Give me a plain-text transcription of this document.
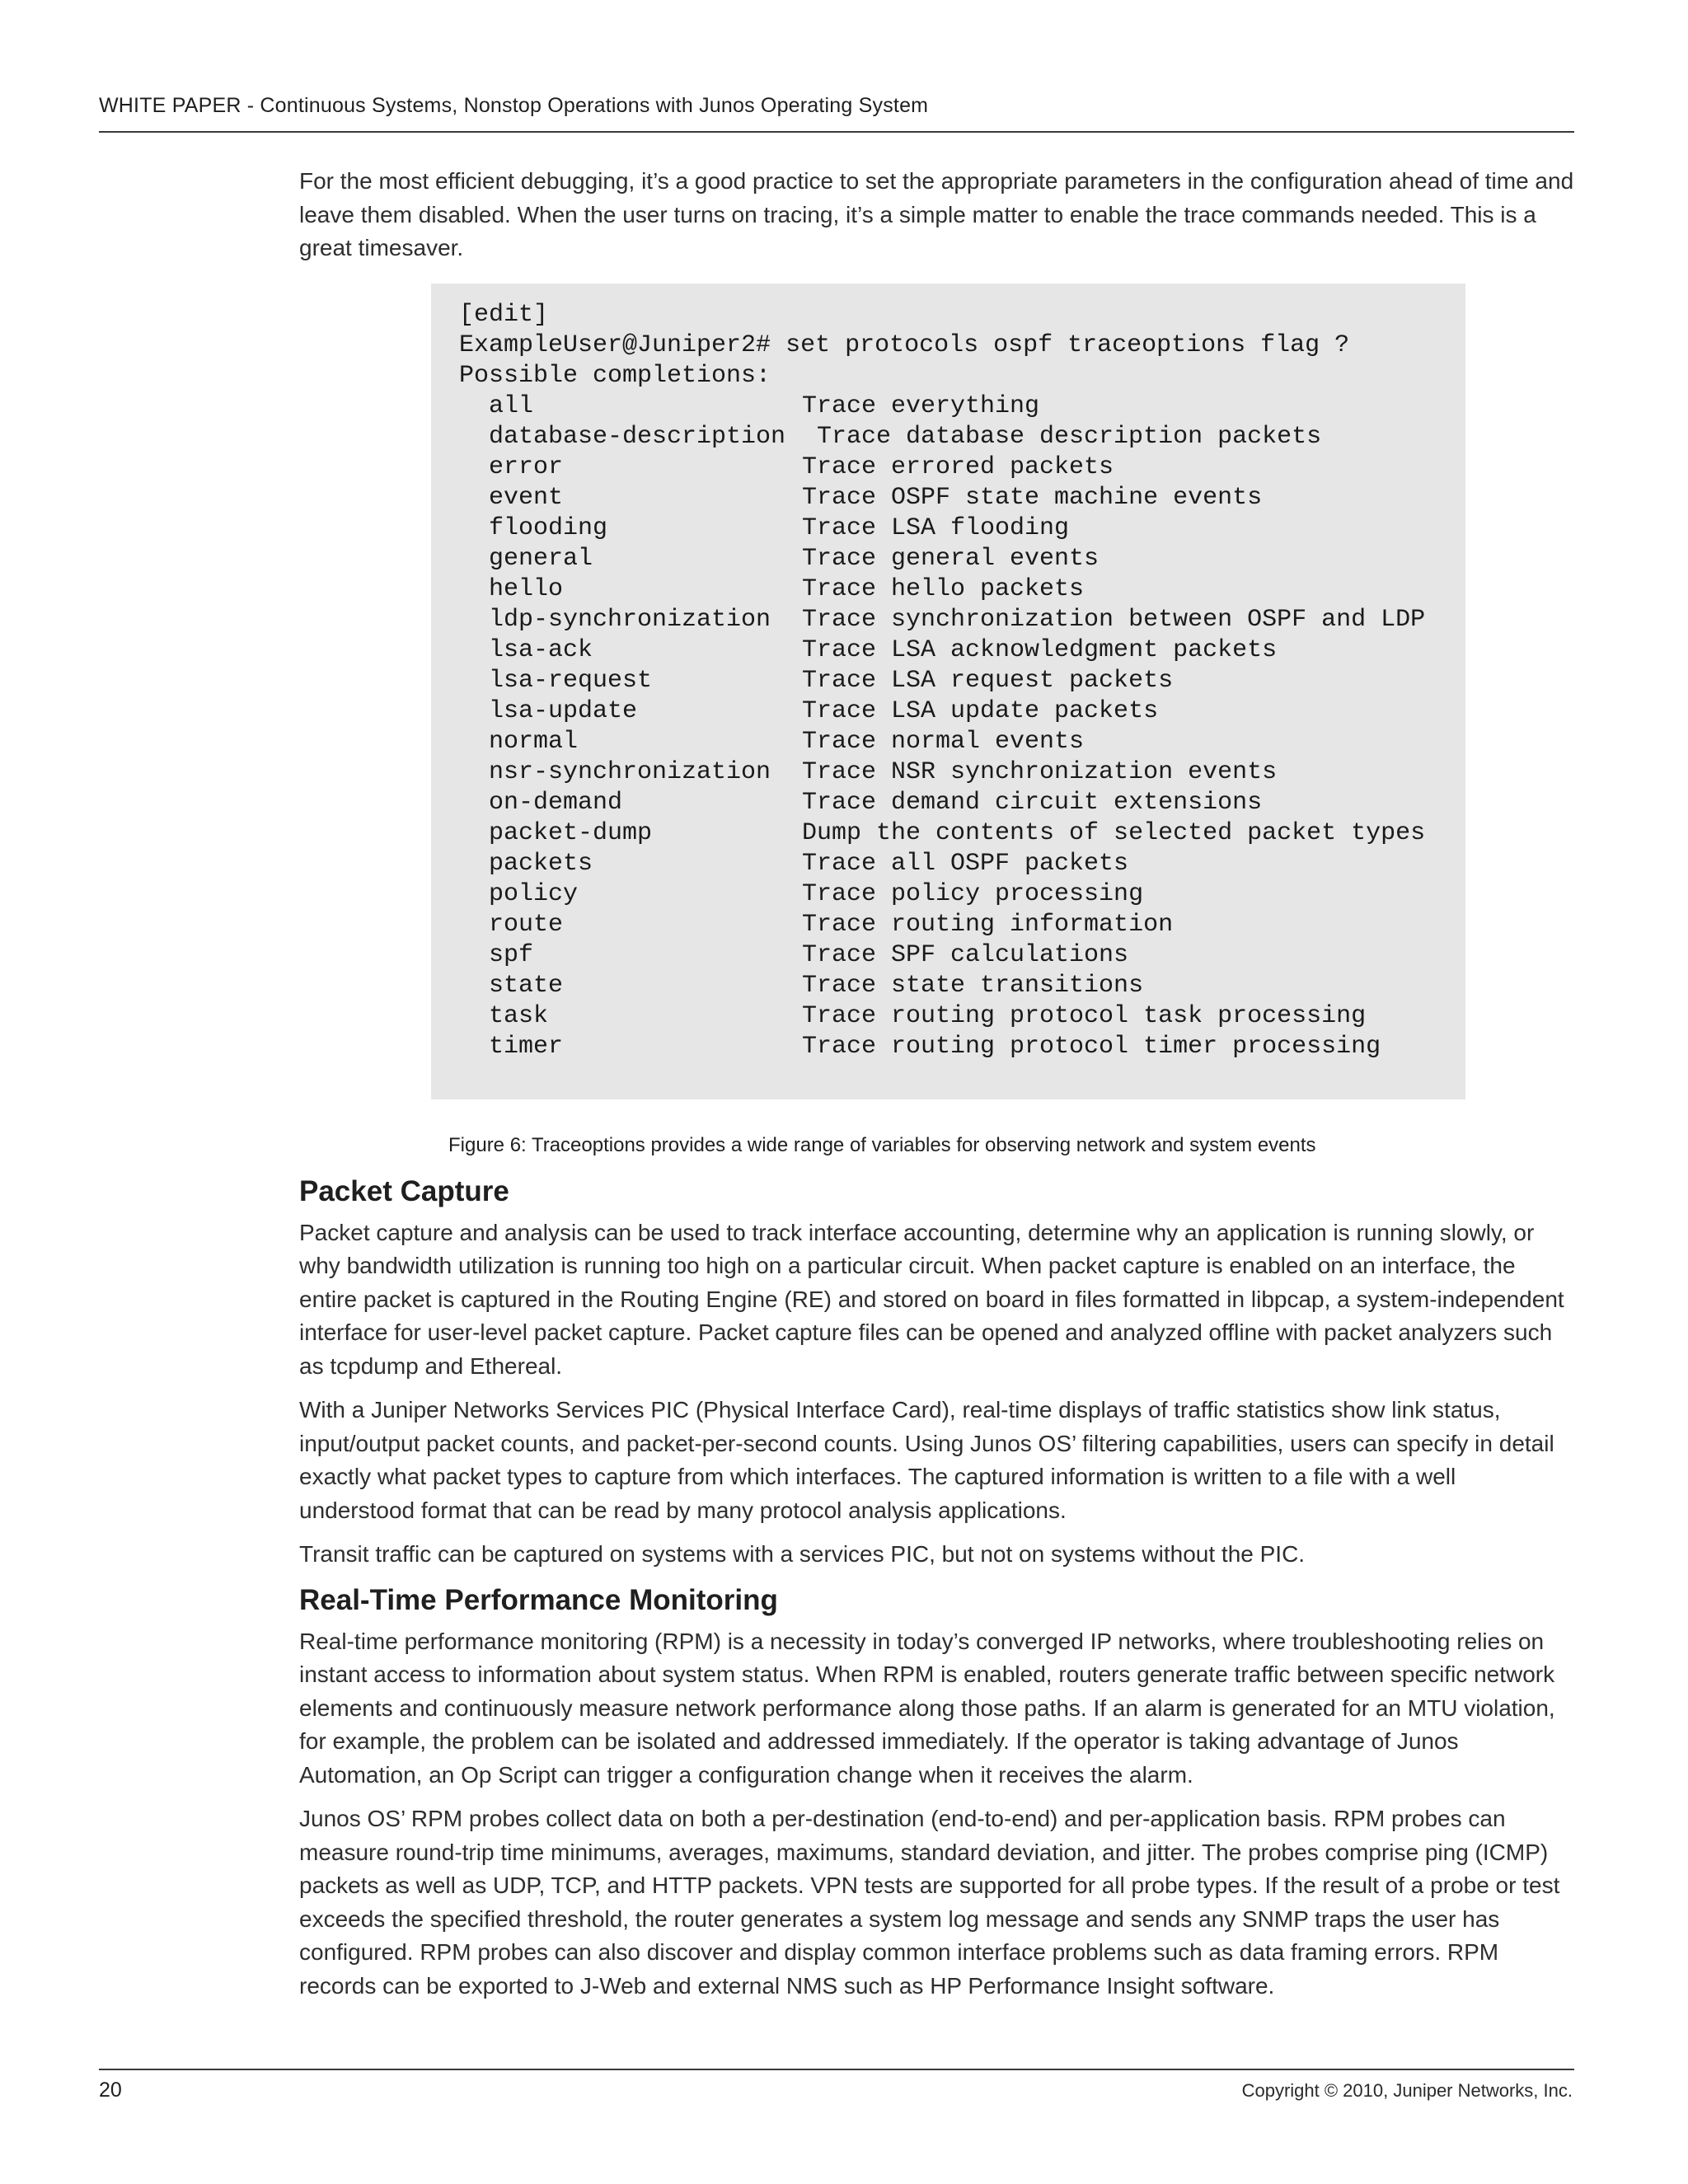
WHITE PAPER - Continuous Systems, Nonstop Operations with Junos Operating System

For the most efficient debugging, it’s a good practice to set the appropriate parameters in the configuration ahead of time and leave them disabled. When the user turns on tracing, it’s a simple matter to enable the trace commands needed. This is a great timesaver.

[edit]
ExampleUser@Juniper2# set protocols ospf traceoptions flag ?
Possible completions:
all	Trace everything
database-description Trace database description packets
error	Trace errored packets
event	Trace OSPF state machine events
flooding	Trace LSA flooding
general	Trace general events
hello	Trace hello packets
ldp-synchronization Trace synchronization between OSPF and LDP
lsa-ack	Trace LSA acknowledgment packets
lsa-request	Trace LSA request packets
lsa-update	Trace LSA update packets
normal	Trace normal events
nsr-synchronization Trace NSR synchronization events
on-demand	Trace demand circuit extensions
packet-dump	Dump the contents of selected packet types
packets	Trace all OSPF packets
policy	Trace policy processing
route	Trace routing information
spf	Trace SPF calculations
state	Trace state transitions
task	Trace routing protocol task processing
timer	Trace routing protocol timer processing
Figure 6: Traceoptions provides a wide range of variables for observing network and system events
Packet Capture

Packet capture and analysis can be used to track interface accounting, determine why an application is running slowly, or why bandwidth utilization is running too high on a particular circuit. When packet capture is enabled on an interface, the entire packet is captured in the Routing Engine (RE) and stored on board in files formatted in libpcap, a system-independent interface for user-level packet capture. Packet capture files can be opened and analyzed offline with packet analyzers such as tcpdump and Ethereal.

With a Juniper Networks Services PIC (Physical Interface Card), real-time displays of traffic statistics show link status, input/output packet counts, and packet-per-second counts. Using Junos OS’ filtering capabilities, users can specify in detail exactly what packet types to capture from which interfaces. The captured information is written to a file with a well understood format that can be read by many protocol analysis applications.

Transit traffic can be captured on systems with a services PIC, but not on systems without the PIC.

Real-Time Performance Monitoring

Real-time performance monitoring (RPM) is a necessity in today’s converged IP networks, where troubleshooting relies on instant access to information about system status. When RPM is enabled, routers generate traffic between specific network elements and continuously measure network performance along those paths. If an alarm is generated for an MTU violation, for example, the problem can be isolated and addressed immediately. If the operator is taking advantage of Junos Automation, an Op Script can trigger a configuration change when it receives the alarm.

Junos OS’ RPM probes collect data on both a per-destination (end-to-end) and per-application basis. RPM probes can measure round-trip time minimums, averages, maximums, standard deviation, and jitter. The probes comprise ping (ICMP) packets as well as UDP, TCP, and HTTP packets. VPN tests are supported for all probe types. If the result of a probe or test exceeds the specified threshold, the router generates a system log message and sends any SNMP traps the user has configured. RPM probes can also discover and display common interface problems such as data framing errors. RPM records can be exported to J-Web and external NMS such as HP Performance Insight software.

20	Copyright © 2010, Juniper Networks, Inc.
